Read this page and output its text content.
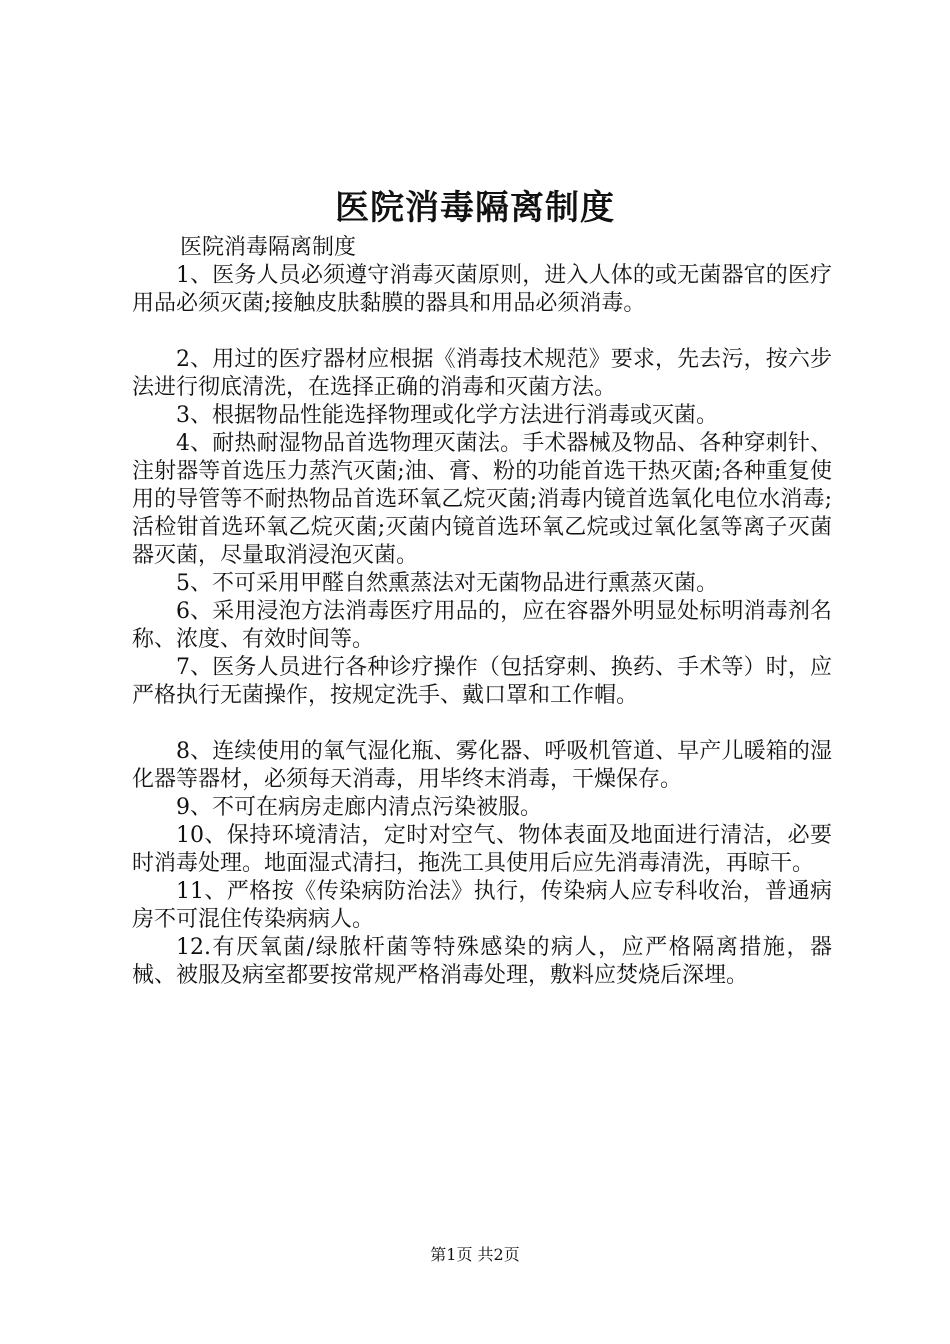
医院消毒隔离制度

医院消毒隔离制度

1、医务人员必须遵守消毒灭菌原则，进入人体的或无菌器官的医疗用品必须灭菌;接触皮肤黏膜的器具和用品必须消毒。

2、用过的医疗器材应根据《消毒技术规范》要求，先去污，按六步法进行彻底清洗，在选择正确的消毒和灭菌方法。

3、根据物品性能选择物理或化学方法进行消毒或灭菌。

4、耐热耐湿物品首选物理灭菌法。手术器械及物品、各种穿刺针、注射器等首选压力蒸汽灭菌;油、膏、粉的功能首选干热灭菌;各种重复使用的导管等不耐热物品首选环氧乙烷灭菌;消毒内镜首选氧化电位水消毒;活检钳首选环氧乙烷灭菌;灭菌内镜首选环氧乙烷或过氧化氢等离子灭菌器灭菌，尽量取消浸泡灭菌。

5、不可采用甲醛自然熏蒸法对无菌物品进行熏蒸灭菌。

6、采用浸泡方法消毒医疗用品的，应在容器外明显处标明消毒剂名称、浓度、有效时间等。

7、医务人员进行各种诊疗操作（包括穿刺、换药、手术等）时，应严格执行无菌操作，按规定洗手、戴口罩和工作帽。

8、连续使用的氧气湿化瓶、雾化器、呼吸机管道、早产儿暖箱的湿化器等器材，必须每天消毒，用毕终末消毒，干燥保存。

9、不可在病房走廊内清点污染被服。

10、保持环境清洁，定时对空气、物体表面及地面进行清洁，必要时消毒处理。地面湿式清扫，拖洗工具使用后应先消毒清洗，再晾干。

11、严格按《传染病防治法》执行，传染病人应专科收治，普通病房不可混住传染病病人。

12.有厌氧菌/绿脓杆菌等特殊感染的病人，应严格隔离措施，器械、被服及病室都要按常规严格消毒处理，敷料应焚烧后深埋。

第1页 共2页
